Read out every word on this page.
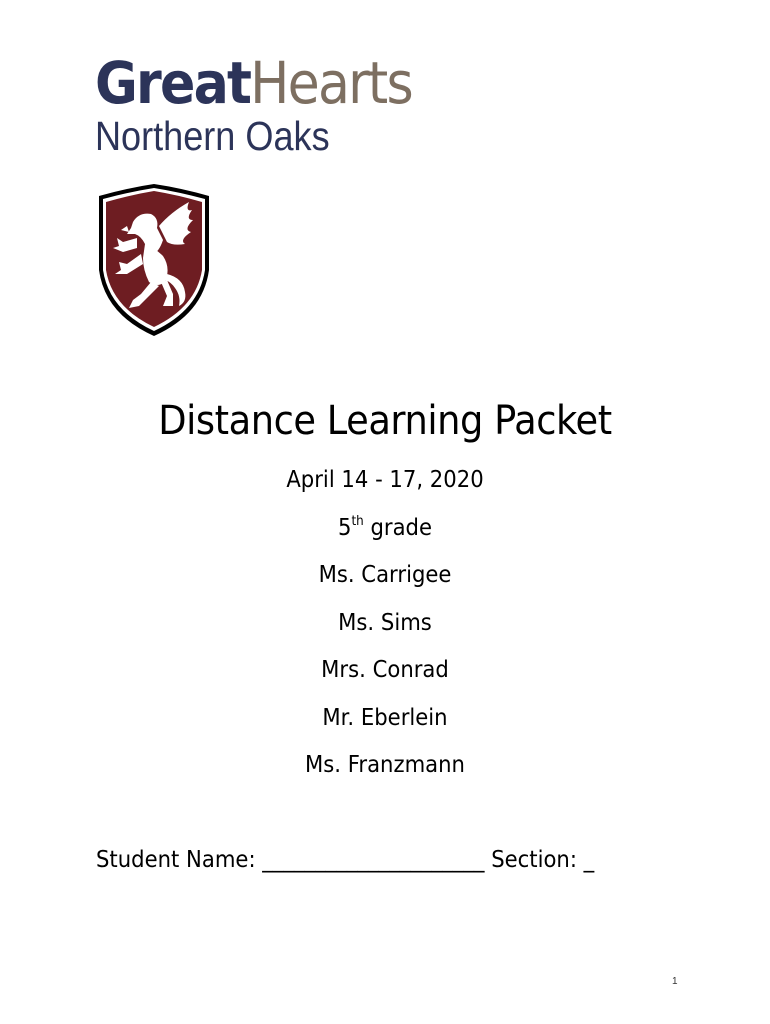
GreatHearts
Northern Oaks
Distance Learning Packet
April 14 - 17, 2020
5th grade
Ms. Carrigee
Ms. Sims
Mrs. Conrad
Mr. Eberlein
Ms. Franzmann
Student Name: _____________________ Section: _
1
